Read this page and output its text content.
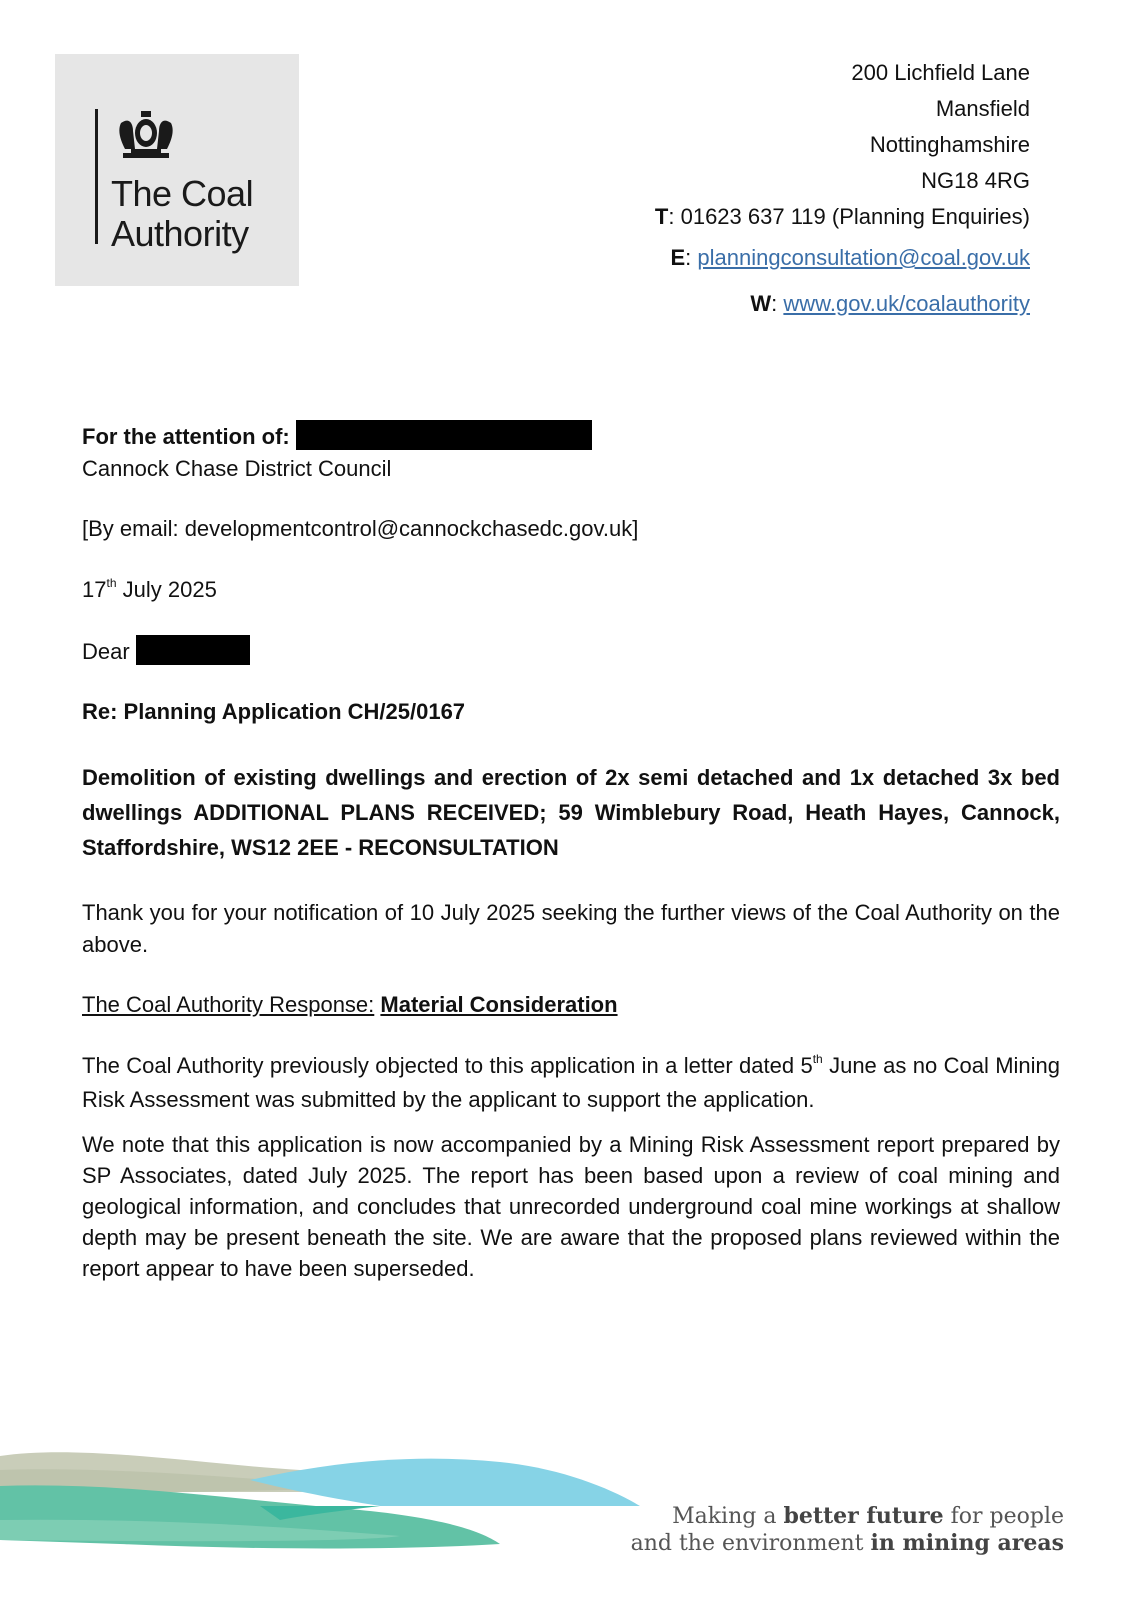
The Coal
Authority
200 Lichfield Lane
Mansfield
Nottinghamshire
NG18 4RG
T: 01623 637 119 (Planning Enquiries)
E: planningconsultation@coal.gov.uk
W: www.gov.uk/coalauthority
For the attention of:
Cannock Chase District Council
[By email: developmentcontrol@cannockchasedc.gov.uk]
17th July 2025
Dear
Re: Planning Application CH/25/0167
Demolition of existing dwellings and erection of 2x semi detached and 1x detached 3x bed dwellings ADDITIONAL PLANS RECEIVED; 59 Wimblebury Road, Heath Hayes, Cannock, Staffordshire, WS12 2EE - RECONSULTATION
Thank you for your notification of 10 July 2025 seeking the further views of the Coal Authority on the above.
The Coal Authority Response: Material Consideration
The Coal Authority previously objected to this application in a letter dated 5th June as no Coal Mining Risk Assessment was submitted by the applicant to support the application.
We note that this application is now accompanied by a Mining Risk Assessment report prepared by SP Associates, dated July 2025. The report has been based upon a review of coal mining and geological information, and concludes that unrecorded underground coal mine workings at shallow depth may be present beneath the site. We are aware that the proposed plans reviewed within the report appear to have been superseded.
Making a better future for people
and the environment in mining areas
